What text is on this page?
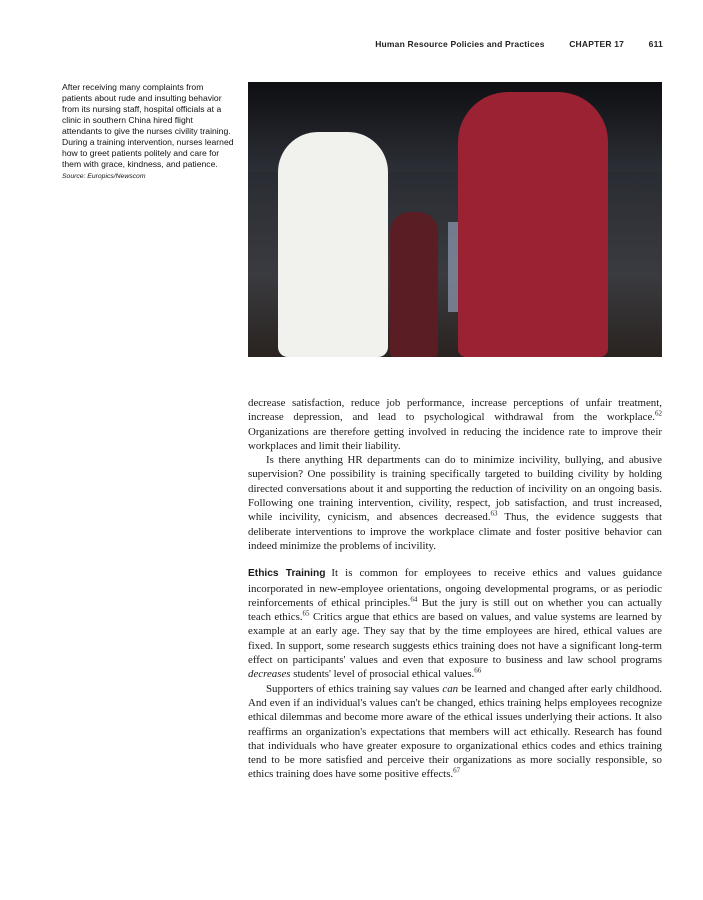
Human Resource Policies and Practices	CHAPTER 17	611
After receiving many complaints from patients about rude and insulting behavior from its nursing staff, hospital officials at a clinic in southern China hired flight attendants to give the nurses civility training. During a training intervention, nurses learned how to greet patients politely and care for them with grace, kindness, and patience.
Source: Europics/Newscom

decrease satisfaction, reduce job performance, increase perceptions of unfair treatment, increase depression, and lead to psychological withdrawal from the workplace.$^{62}$ Organizations are therefore getting involved in reducing the incidence rate to improve their workplaces and limit their liability.

Is there anything HR departments can do to minimize incivility, bullying, and abusive supervision? One possibility is training specifically targeted to building civility by holding directed conversations about it and supporting the reduction of incivility on an ongoing basis. Following one training intervention, civility, respect, job satisfaction, and trust increased, while incivility, cynicism, and absences decreased.$^{63}$ Thus, the evidence suggests that deliberate interventions to improve the workplace climate and foster positive behavior can indeed minimize the problems of incivility.

Ethics Training It is common for employees to receive ethics and values guidance incorporated in new-employee orientations, ongoing developmental programs, or as periodic reinforcements of ethical principles.$^{64}$ But the jury is still out on whether you can actually teach ethics.$^{65}$ Critics argue that ethics are based on values, and value systems are learned by example at an early age. They say that by the time employees are hired, ethical values are fixed. In support, some research suggests ethics training does not have a significant long-term effect on participants' values and even that exposure to business and law school programs decreases students' level of prosocial ethical values.$^{66}$

Supporters of ethics training say values can be learned and changed after early childhood. And even if an individual's values can't be changed, ethics training helps employees recognize ethical dilemmas and become more aware of the ethical issues underlying their actions. It also reaffirms an organization's expectations that members will act ethically. Research has found that individuals who have greater exposure to organizational ethics codes and ethics training tend to be more satisfied and perceive their organizations as more socially responsible, so ethics training does have some positive effects.$^{67}$
